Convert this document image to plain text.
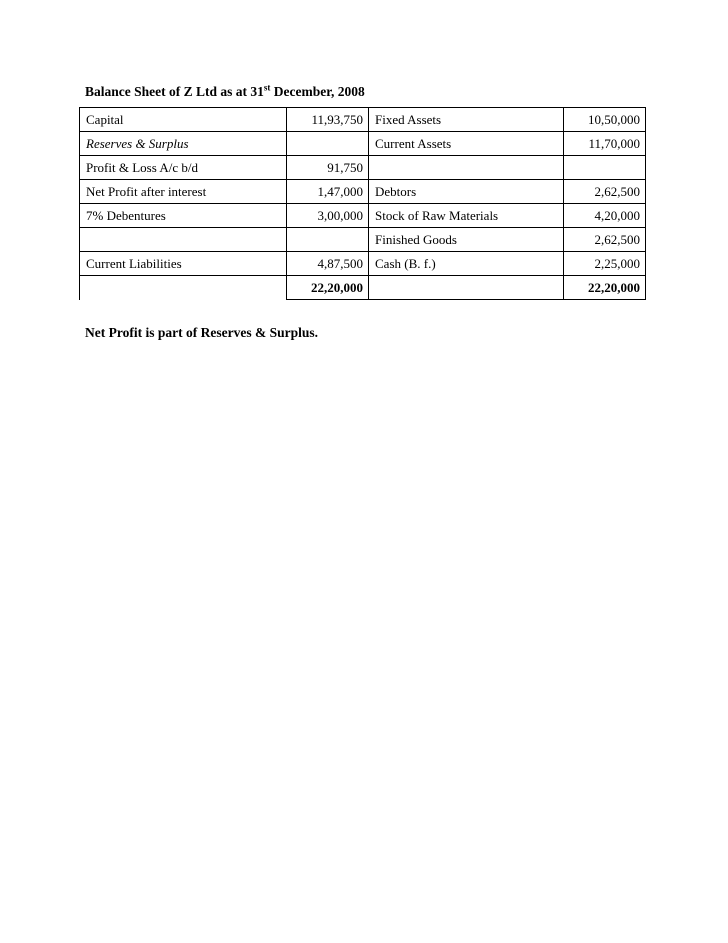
Balance Sheet of Z Ltd as at 31st December, 2008
Capital	11,93,750	Fixed Assets	10,50,000
Reserves & Surplus		Current Assets	11,70,000
Profit & Loss A/c b/d	91,750		
Net Profit after interest	1,47,000	Debtors	2,62,500
7% Debentures	3,00,000	Stock of Raw Materials	4,20,000
		Finished Goods	2,62,500
Current Liabilities	4,87,500	Cash (B. f.)	2,25,000
	22,20,000		22,20,000
Net Profit is part of Reserves & Surplus.
